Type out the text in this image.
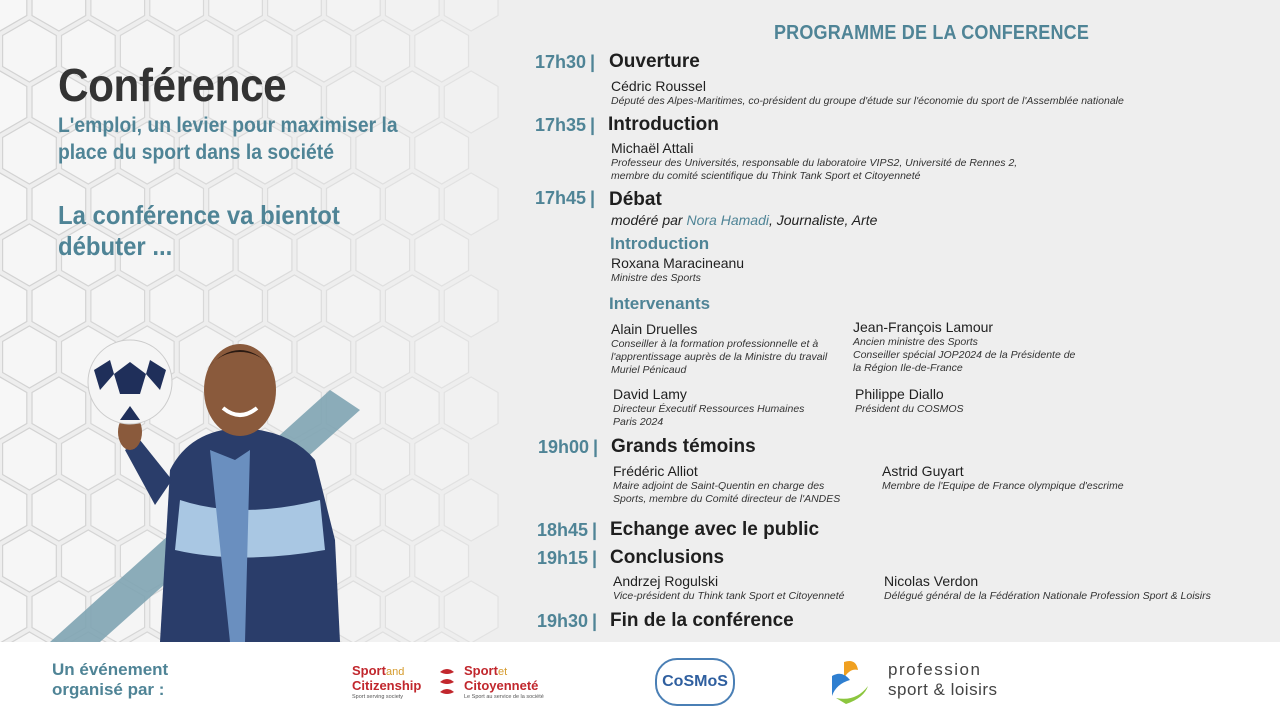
Conférence
L'emploi, un levier pour maximiser la place du sport dans la société
La conférence va bientot débuter ...
PROGRAMME DE LA CONFERENCE
17h30 | Ouverture
Cédric Roussel
Député des Alpes-Maritimes, co-président du groupe d'étude sur l'économie du sport de l'Assemblée nationale
17h35 | Introduction
Michaël Attali
Professeur des Universités, responsable du laboratoire VIPS2, Université de Rennes 2,
membre du comité scientifique du Think Tank Sport et Citoyenneté
17h45 | Débat
modéré par Nora Hamadi, Journaliste, Arte
Introduction
Roxana Maracineanu
Ministre des Sports
Intervenants
Alain Druelles
Conseiller à la formation professionnelle et à
l'apprentissage auprès de la Ministre du travail
Muriel Pénicaud
Jean-François Lamour
Ancien ministre des Sports
Conseiller spécial JOP2024 de la Présidente de
la Région Ile-de-France
David Lamy
Directeur Éxecutif Ressources Humaines
Paris 2024
Philippe Diallo
Président du COSMOS
19h00 | Grands témoins
Frédéric Alliot
Maire adjoint de Saint-Quentin en charge des
Sports, membre du Comité directeur de l'ANDES
Astrid Guyart
Membre de l'Equipe de France olympique d'escrime
18h45 | Echange avec le public
19h15 | Conclusions
Andrzej Rogulski
Vice-président du Think tank Sport et Citoyenneté
Nicolas Verdon
Délégué général de la Fédération Nationale Profession Sport & Loisirs
19h30 | Fin de la conférence
Un événement organisé par :
Sportand
Citizenship
Sport serving society
Sportet
Citoyenneté
Le Sport au service de la société
CoSMoS
profession
sport & loisirs
